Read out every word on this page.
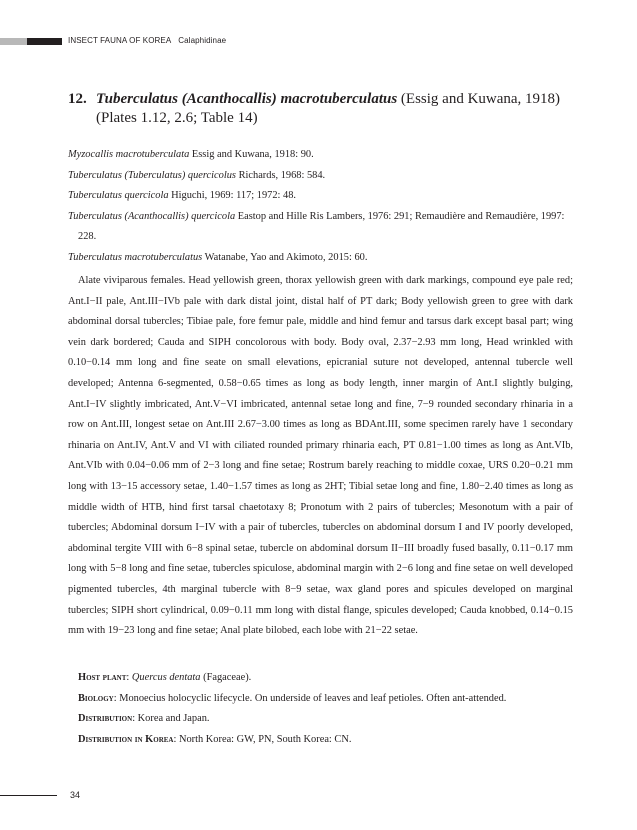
INSECT FAUNA OF KOREA Calaphidinae
12. Tuberculatus (Acanthocallis) macrotuberculatus (Essig and Kuwana, 1918)
(Plates 1.12, 2.6; Table 14)
Myzocallis macrotuberculata Essig and Kuwana, 1918: 90.
Tuberculatus (Tuberculatus) quercicolus Richards, 1968: 584.
Tuberculatus quercicola Higuchi, 1969: 117; 1972: 48.
Tuberculatus (Acanthocallis) quercicola Eastop and Hille Ris Lambers, 1976: 291; Remaudière and Remaudière, 1997: 228.
Tuberculatus macrotuberculatus Watanabe, Yao and Akimoto, 2015: 60.

Alate viviparous females. Head yellowish green, thorax yellowish green with dark markings, compound eye pale red; Ant.I−II pale, Ant.III−IVb pale with dark distal joint, distal half of PT dark; Body yellowish green to gree with dark abdominal dorsal tubercles; Tibiae pale, fore femur pale, middle and hind femur and tarsus dark except basal part; wing vein dark bordered; Cauda and SIPH concolorous with body. Body oval, 2.37−2.93 mm long, Head wrinkled with 0.10−0.14 mm long and fine seate on small elevations, epicranial suture not developed, antennal tubercle well developed; Antenna 6-segmented, 0.58−0.65 times as long as body length, inner margin of Ant.I slightly bulging, Ant.I−IV slightly imbricated, Ant.V−VI imbricated, antennal setae long and fine, 7−9 rounded secondary rhinaria in a row on Ant.III, longest setae on Ant.III 2.67−3.00 times as long as BDAnt.III, some specimen rarely have 1 secondary rhinaria on Ant.IV, Ant.V and VI with ciliated rounded primary rhinaria each, PT 0.81−1.00 times as long as Ant.VIb, Ant.VIb with 0.04−0.06 mm of 2−3 long and fine setae; Rostrum barely reaching to middle coxae, URS 0.20−0.21 mm long with 13−15 accessory setae, 1.40−1.57 times as long as 2HT; Tibial setae long and fine, 1.80−2.40 times as long as middle width of HTB, hind first tarsal chaetotaxy 8; Pronotum with 2 pairs of tubercles; Mesonotum with a pair of tubercles; Abdominal dorsum I−IV with a pair of tubercles, tubercles on abdominal dorsum I and IV poorly developed, abdominal tergite VIII with 6−8 spinal setae, tubercle on abdominal dorsum II−III broadly fused basally, 0.11−0.17 mm long with 5−8 long and fine setae, tubercles spiculose, abdominal margin with 2−6 long and fine setae on well developed pigmented tubercles, 4th marginal tubercle with 8−9 setae, wax gland pores and spicules developed on marginal tubercles; SIPH short cylindrical, 0.09−0.11 mm long with distal flange, spicules developed; Cauda knobbed, 0.14−0.15 mm with 19−23 long and fine setae; Anal plate bilobed, each lobe with 21−22 setae.

Host plant: Quercus dentata (Fagaceae).
Biology: Monoecius holocyclic lifecycle. On underside of leaves and leaf petioles. Often ant-attended.
Distribution: Korea and Japan.
Distribution in Korea: North Korea: GW, PN, South Korea: CN.
34
